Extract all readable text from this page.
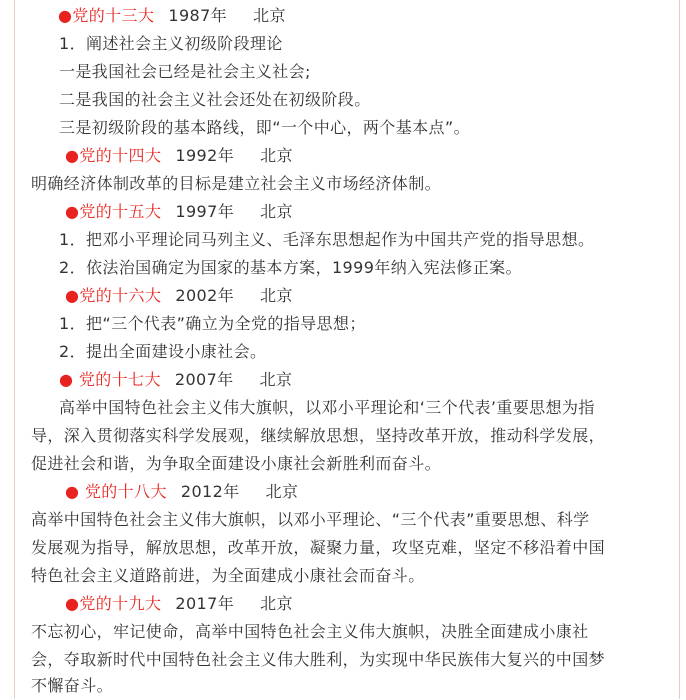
●党的十三大 1987年 北京
1．阐述社会主义初级阶段理论
一是我国社会已经是社会主义社会;
二是我国的社会主义社会还处在初级阶段。
三是初级阶段的基本路线，即“一个中心，两个基本点”。
●党的十四大 1992年 北京
明确经济体制改革的目标是建立社会主义市场经济体制。
●党的十五大 1997年 北京
1．把邓小平理论同马列主义、毛泽东思想起作为中国共产党的指导思想。
2．依法治国确定为国家的基本方案，1999年纳入宪法修正案。
●党的十六大 2002年 北京
1．把“三个代表”确立为全党的指导思想；
2．提出全面建设小康社会。
● 党的十七大 2007年 北京
高举中国特色社会主义伟大旗帜，以邓小平理论和‘三个代表’重要思想为指
导，深入贯彻落实科学发展观，继续解放思想，坚持改革开放，推动科学发展，
促进社会和谐，为争取全面建设小康社会新胜利而奋斗。
● 党的十八大 2012年 北京
高举中国特色社会主义伟大旗帜，以邓小平理论、“三个代表”重要思想、科学
发展观为指导，解放思想，改革开放，凝聚力量，攻坚克难，坚定不移沿着中国
特色社会主义道路前进，为全面建成小康社会而奋斗。
●党的十九大 2017年 北京
不忘初心，牢记使命，高举中国特色社会主义伟大旗帜，决胜全面建成小康社
会，夺取新时代中国特色社会主义伟大胜利，为实现中华民族伟大复兴的中国梦
不懈奋斗。
